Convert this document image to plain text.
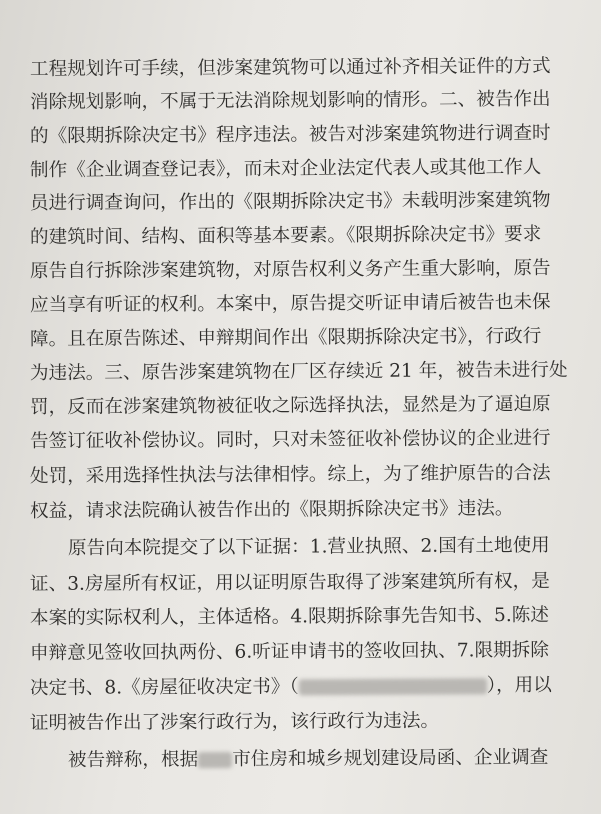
工程规划许可手续，但涉案建筑物可以通过补齐相关证件的方式
消除规划影响，不属于无法消除规划影响的情形。二、被告作出
的《限期拆除决定书》程序违法。被告对涉案建筑物进行调查时
制作《企业调查登记表》，而未对企业法定代表人或其他工作人
员进行调查询问，作出的《限期拆除决定书》未载明涉案建筑物
的建筑时间、结构、面积等基本要素。《限期拆除决定书》要求
原告自行拆除涉案建筑物，对原告权利义务产生重大影响，原告
应当享有听证的权利。本案中，原告提交听证申请后被告也未保
障。且在原告陈述、申辩期间作出《限期拆除决定书》，行政行
为违法。三、原告涉案建筑物在厂区存续近 21 年，被告未进行处
罚，反而在涉案建筑物被征收之际选择执法，显然是为了逼迫原
告签订征收补偿协议。同时，只对未签征收补偿协议的企业进行
处罚，采用选择性执法与法律相悖。综上，为了维护原告的合法
权益，请求法院确认被告作出的《限期拆除决定书》违法。
原告向本院提交了以下证据：1.营业执照、2.国有土地使用
证、3.房屋所有权证，用以证明原告取得了涉案建筑所有权，是
本案的实际权利人，主体适格。4.限期拆除事先告知书、5.陈述
申辩意见签收回执两份、6.听证申请书的签收回执、7.限期拆除
决定书、8.《房屋征收决定书》（	），用以
证明被告作出了涉案行政行为，该行政行为违法。
被告辩称，根据 市住房和城乡规划建设局函、企业调查
